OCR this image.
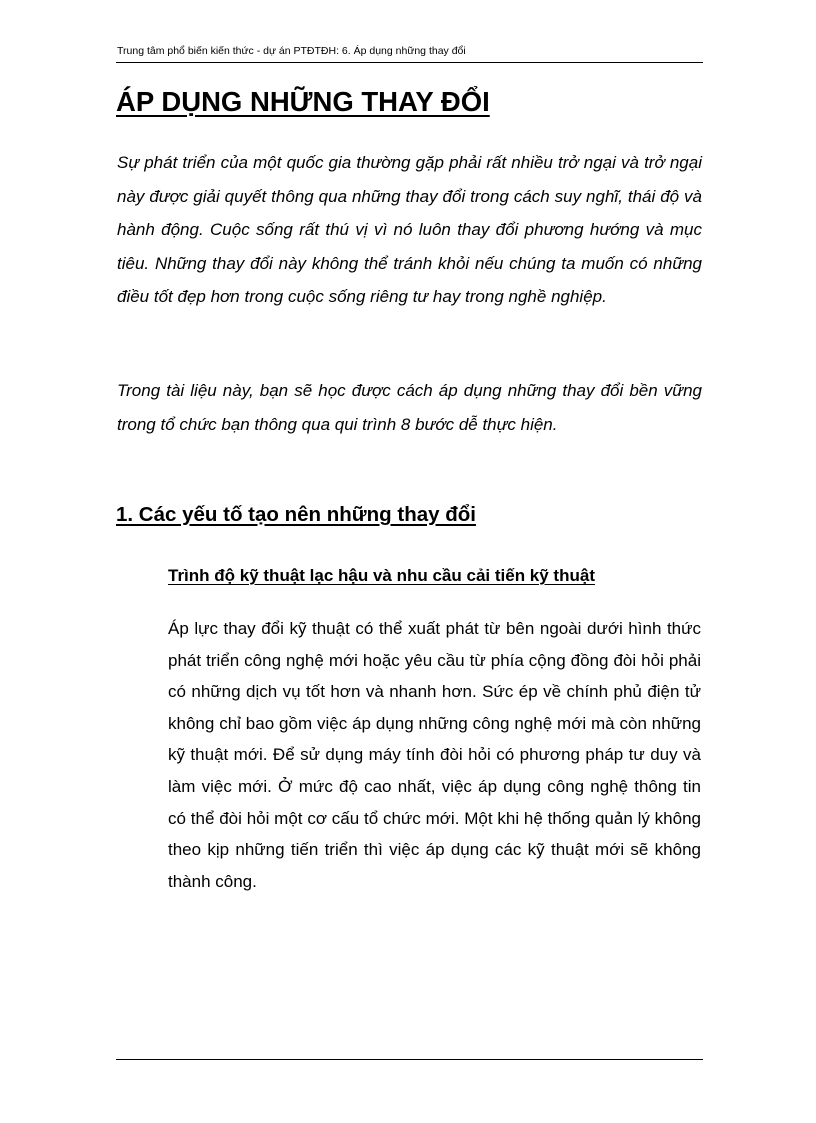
Trung tâm phổ biến kiến thức - dự án PTĐTĐH: 6. Áp dụng những thay đổi
ÁP DỤNG NHỮNG THAY ĐỔI

Sự phát triển của một quốc gia thường gặp phải rất nhiều trở ngại và trở ngại này được giải quyết thông qua những thay đổi trong cách suy nghĩ, thái độ và hành động. Cuộc sống rất thú vị vì nó luôn thay đổi phương hướng và mục tiêu. Những thay đổi này không thể tránh khỏi nếu chúng ta muốn có những điều tốt đẹp hơn trong cuộc sống riêng tư hay trong nghề nghiệp.

Trong tài liệu này, bạn sẽ học được cách áp dụng những thay đổi bền vững trong tổ chức bạn thông qua qui trình 8 bước dễ thực hiện.

1. Các yếu tố tạo nên những thay đổi
Trình độ kỹ thuật lạc hậu và nhu cầu cải tiến kỹ thuật

Áp lực thay đổi kỹ thuật có thể xuất phát từ bên ngoài dưới hình thức phát triển công nghệ mới hoặc yêu cầu từ phía cộng đồng đòi hỏi phải có những dịch vụ tốt hơn và nhanh hơn. Sức ép về chính phủ điện tử không chỉ bao gồm việc áp dụng những công nghệ mới mà còn những kỹ thuật mới. Để sử dụng máy tính đòi hỏi có phương pháp tư duy và làm việc mới. Ở mức độ cao nhất, việc áp dụng công nghệ thông tin có thể đòi hỏi một cơ cấu tổ chức mới. Một khi hệ thống quản lý không theo kịp những tiến triển thì việc áp dụng các kỹ thuật mới sẽ không thành công.
